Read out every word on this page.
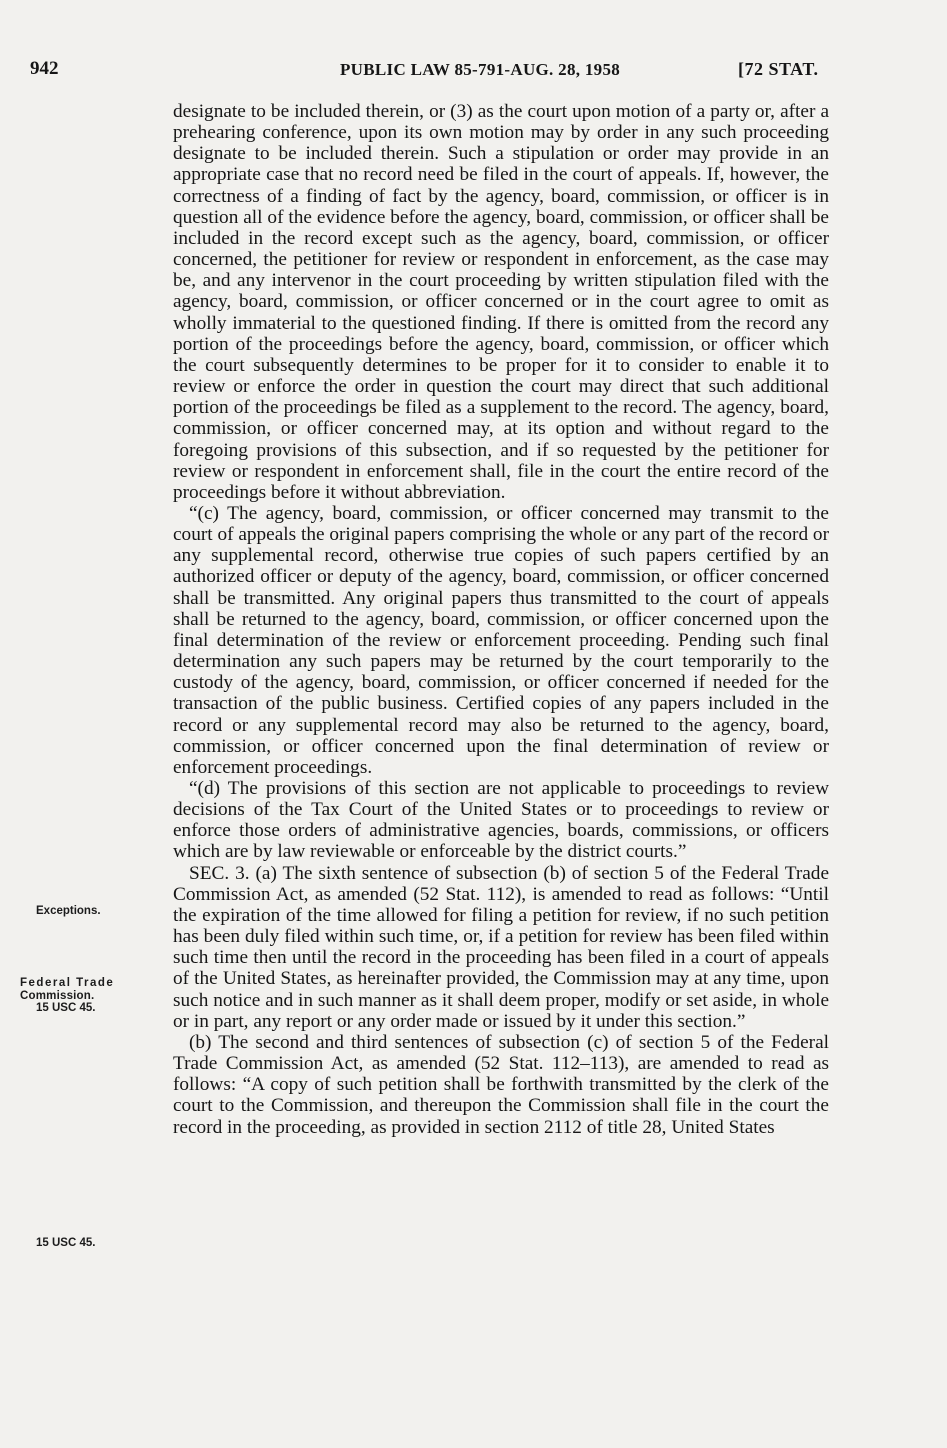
942	PUBLIC LAW 85-791-AUG. 28, 1958	[72 STAT.
Exceptions.
Federal Trade
Commission.
15 USC 45.
15 USC 45.

designate to be included therein, or (3) as the court upon motion of a party or, after a prehearing conference, upon its own motion may by order in any such proceeding designate to be included therein. Such a stipulation or order may provide in an appropriate case that no record need be filed in the court of appeals. If, however, the correctness of a finding of fact by the agency, board, commission, or officer is in question all of the evidence before the agency, board, commission, or officer shall be included in the record except such as the agency, board, commission, or officer concerned, the petitioner for review or respondent in enforcement, as the case may be, and any intervenor in the court proceeding by written stipulation filed with the agency, board, commission, or officer concerned or in the court agree to omit as wholly immaterial to the questioned finding. If there is omitted from the record any portion of the proceedings before the agency, board, commission, or officer which the court subsequently determines to be proper for it to consider to enable it to review or enforce the order in question the court may direct that such additional portion of the proceedings be filed as a supplement to the record. The agency, board, commission, or officer concerned may, at its option and without regard to the foregoing provisions of this subsection, and if so requested by the petitioner for review or respondent in enforcement shall, file in the court the entire record of the proceedings before it without abbreviation.

“(c) The agency, board, commission, or officer concerned may transmit to the court of appeals the original papers comprising the whole or any part of the record or any supplemental record, otherwise true copies of such papers certified by an authorized officer or deputy of the agency, board, commission, or officer concerned shall be transmitted. Any original papers thus transmitted to the court of appeals shall be returned to the agency, board, commission, or officer concerned upon the final determination of the review or enforcement proceeding. Pending such final determination any such papers may be returned by the court temporarily to the custody of the agency, board, commission, or officer concerned if needed for the transaction of the public business. Certified copies of any papers included in the record or any supplemental record may also be returned to the agency, board, commission, or officer concerned upon the final determination of review or enforcement proceedings.

“(d) The provisions of this section are not applicable to proceedings to review decisions of the Tax Court of the United States or to proceedings to review or enforce those orders of administrative agencies, boards, commissions, or officers which are by law reviewable or enforceable by the district courts.”

SEC. 3. (a) The sixth sentence of subsection (b) of section 5 of the Federal Trade Commission Act, as amended (52 Stat. 112), is amended to read as follows: “Until the expiration of the time allowed for filing a petition for review, if no such petition has been duly filed within such time, or, if a petition for review has been filed within such time then until the record in the proceeding has been filed in a court of appeals of the United States, as hereinafter provided, the Commission may at any time, upon such notice and in such manner as it shall deem proper, modify or set aside, in whole or in part, any report or any order made or issued by it under this section.”

(b) The second and third sentences of subsection (c) of section 5 of the Federal Trade Commission Act, as amended (52 Stat. 112–113), are amended to read as follows: “A copy of such petition shall be forthwith transmitted by the clerk of the court to the Commission, and thereupon the Commission shall file in the court the record in the proceeding, as provided in section 2112 of title 28, United States
